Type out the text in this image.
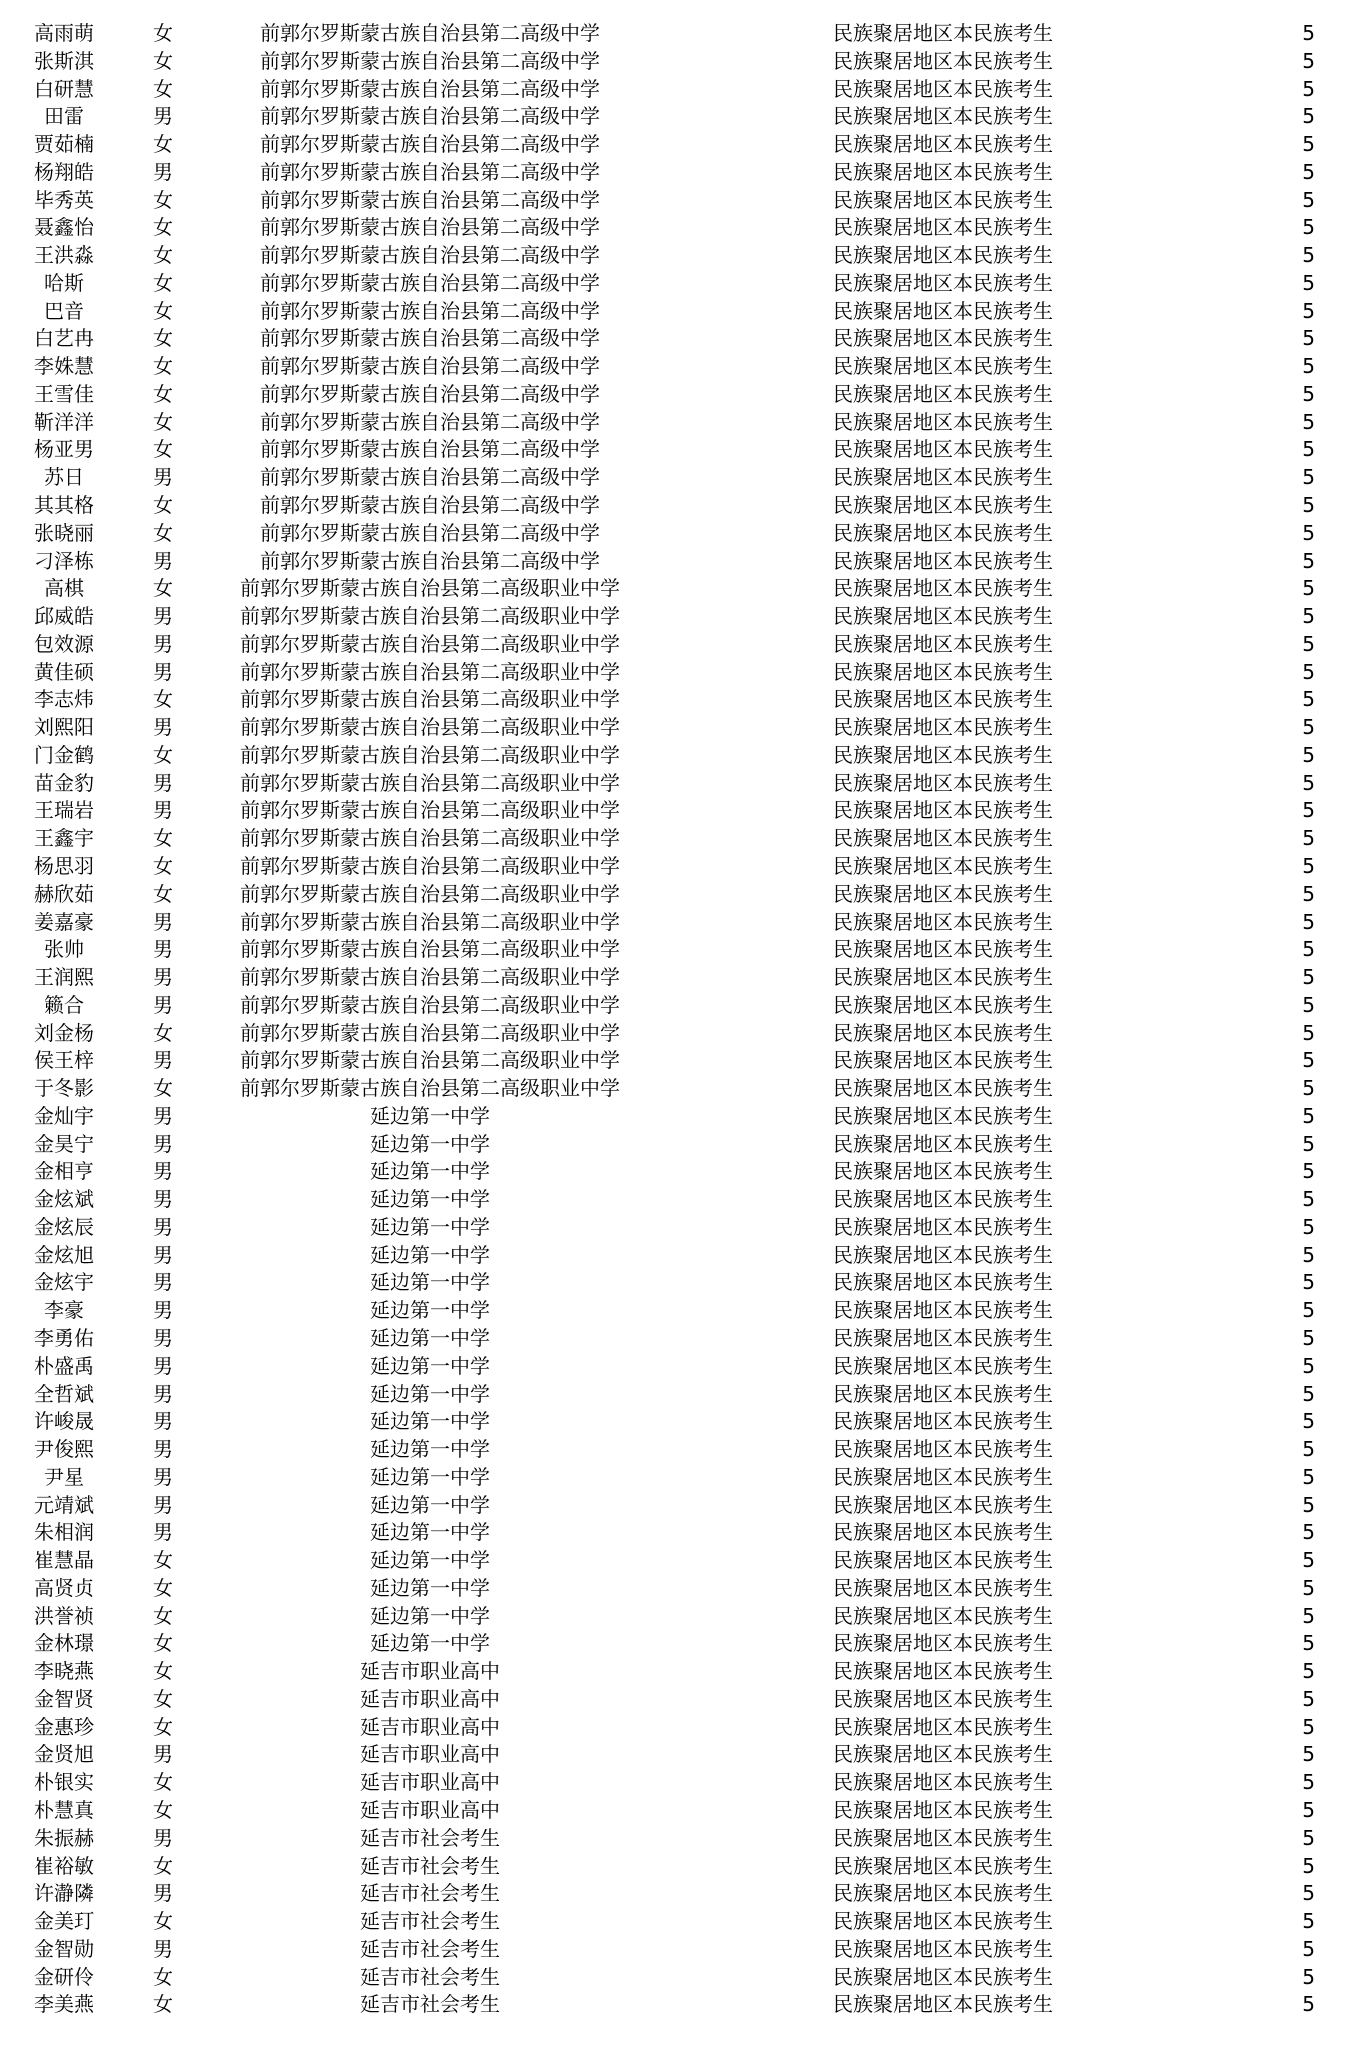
高雨萌	女	前郭尔罗斯蒙古族自治县第二高级中学	民族聚居地区本民族考生	5
张斯淇	女	前郭尔罗斯蒙古族自治县第二高级中学	民族聚居地区本民族考生	5
白研慧	女	前郭尔罗斯蒙古族自治县第二高级中学	民族聚居地区本民族考生	5
田雷	男	前郭尔罗斯蒙古族自治县第二高级中学	民族聚居地区本民族考生	5
贾茹楠	女	前郭尔罗斯蒙古族自治县第二高级中学	民族聚居地区本民族考生	5
杨翔皓	男	前郭尔罗斯蒙古族自治县第二高级中学	民族聚居地区本民族考生	5
毕秀英	女	前郭尔罗斯蒙古族自治县第二高级中学	民族聚居地区本民族考生	5
聂鑫怡	女	前郭尔罗斯蒙古族自治县第二高级中学	民族聚居地区本民族考生	5
王洪淼	女	前郭尔罗斯蒙古族自治县第二高级中学	民族聚居地区本民族考生	5
哈斯	女	前郭尔罗斯蒙古族自治县第二高级中学	民族聚居地区本民族考生	5
巴音	女	前郭尔罗斯蒙古族自治县第二高级中学	民族聚居地区本民族考生	5
白艺冉	女	前郭尔罗斯蒙古族自治县第二高级中学	民族聚居地区本民族考生	5
李姝慧	女	前郭尔罗斯蒙古族自治县第二高级中学	民族聚居地区本民族考生	5
王雪佳	女	前郭尔罗斯蒙古族自治县第二高级中学	民族聚居地区本民族考生	5
靳洋洋	女	前郭尔罗斯蒙古族自治县第二高级中学	民族聚居地区本民族考生	5
杨亚男	女	前郭尔罗斯蒙古族自治县第二高级中学	民族聚居地区本民族考生	5
苏日	男	前郭尔罗斯蒙古族自治县第二高级中学	民族聚居地区本民族考生	5
其其格	女	前郭尔罗斯蒙古族自治县第二高级中学	民族聚居地区本民族考生	5
张晓丽	女	前郭尔罗斯蒙古族自治县第二高级中学	民族聚居地区本民族考生	5
刁泽栋	男	前郭尔罗斯蒙古族自治县第二高级中学	民族聚居地区本民族考生	5
高棋	女	前郭尔罗斯蒙古族自治县第二高级职业中学	民族聚居地区本民族考生	5
邱威皓	男	前郭尔罗斯蒙古族自治县第二高级职业中学	民族聚居地区本民族考生	5
包效源	男	前郭尔罗斯蒙古族自治县第二高级职业中学	民族聚居地区本民族考生	5
黄佳硕	男	前郭尔罗斯蒙古族自治县第二高级职业中学	民族聚居地区本民族考生	5
李志炜	女	前郭尔罗斯蒙古族自治县第二高级职业中学	民族聚居地区本民族考生	5
刘熙阳	男	前郭尔罗斯蒙古族自治县第二高级职业中学	民族聚居地区本民族考生	5
门金鹤	女	前郭尔罗斯蒙古族自治县第二高级职业中学	民族聚居地区本民族考生	5
苗金豹	男	前郭尔罗斯蒙古族自治县第二高级职业中学	民族聚居地区本民族考生	5
王瑞岩	男	前郭尔罗斯蒙古族自治县第二高级职业中学	民族聚居地区本民族考生	5
王鑫宇	女	前郭尔罗斯蒙古族自治县第二高级职业中学	民族聚居地区本民族考生	5
杨思羽	女	前郭尔罗斯蒙古族自治县第二高级职业中学	民族聚居地区本民族考生	5
赫欣茹	女	前郭尔罗斯蒙古族自治县第二高级职业中学	民族聚居地区本民族考生	5
姜嘉豪	男	前郭尔罗斯蒙古族自治县第二高级职业中学	民族聚居地区本民族考生	5
张帅	男	前郭尔罗斯蒙古族自治县第二高级职业中学	民族聚居地区本民族考生	5
王润熙	男	前郭尔罗斯蒙古族自治县第二高级职业中学	民族聚居地区本民族考生	5
籁合	男	前郭尔罗斯蒙古族自治县第二高级职业中学	民族聚居地区本民族考生	5
刘金杨	女	前郭尔罗斯蒙古族自治县第二高级职业中学	民族聚居地区本民族考生	5
侯王梓	男	前郭尔罗斯蒙古族自治县第二高级职业中学	民族聚居地区本民族考生	5
于冬影	女	前郭尔罗斯蒙古族自治县第二高级职业中学	民族聚居地区本民族考生	5
金灿宇	男	延边第一中学	民族聚居地区本民族考生	5
金昊宁	男	延边第一中学	民族聚居地区本民族考生	5
金相亨	男	延边第一中学	民族聚居地区本民族考生	5
金炫斌	男	延边第一中学	民族聚居地区本民族考生	5
金炫辰	男	延边第一中学	民族聚居地区本民族考生	5
金炫旭	男	延边第一中学	民族聚居地区本民族考生	5
金炫宇	男	延边第一中学	民族聚居地区本民族考生	5
李豪	男	延边第一中学	民族聚居地区本民族考生	5
李勇佑	男	延边第一中学	民族聚居地区本民族考生	5
朴盛禹	男	延边第一中学	民族聚居地区本民族考生	5
全哲斌	男	延边第一中学	民族聚居地区本民族考生	5
许峻晟	男	延边第一中学	民族聚居地区本民族考生	5
尹俊熙	男	延边第一中学	民族聚居地区本民族考生	5
尹星	男	延边第一中学	民族聚居地区本民族考生	5
元靖斌	男	延边第一中学	民族聚居地区本民族考生	5
朱相润	男	延边第一中学	民族聚居地区本民族考生	5
崔慧晶	女	延边第一中学	民族聚居地区本民族考生	5
高贤贞	女	延边第一中学	民族聚居地区本民族考生	5
洪誉祯	女	延边第一中学	民族聚居地区本民族考生	5
金林璟	女	延边第一中学	民族聚居地区本民族考生	5
李晓燕	女	延吉市职业高中	民族聚居地区本民族考生	5
金智贤	女	延吉市职业高中	民族聚居地区本民族考生	5
金惠珍	女	延吉市职业高中	民族聚居地区本民族考生	5
金贤旭	男	延吉市职业高中	民族聚居地区本民族考生	5
朴银实	女	延吉市职业高中	民族聚居地区本民族考生	5
朴慧真	女	延吉市职业高中	民族聚居地区本民族考生	5
朱振赫	男	延吉市社会考生	民族聚居地区本民族考生	5
崔裕敏	女	延吉市社会考生	民族聚居地区本民族考生	5
许瀞隣	男	延吉市社会考生	民族聚居地区本民族考生	5
金美玎	女	延吉市社会考生	民族聚居地区本民族考生	5
金智勋	男	延吉市社会考生	民族聚居地区本民族考生	5
金研伶	女	延吉市社会考生	民族聚居地区本民族考生	5
李美燕	女	延吉市社会考生	民族聚居地区本民族考生	5
